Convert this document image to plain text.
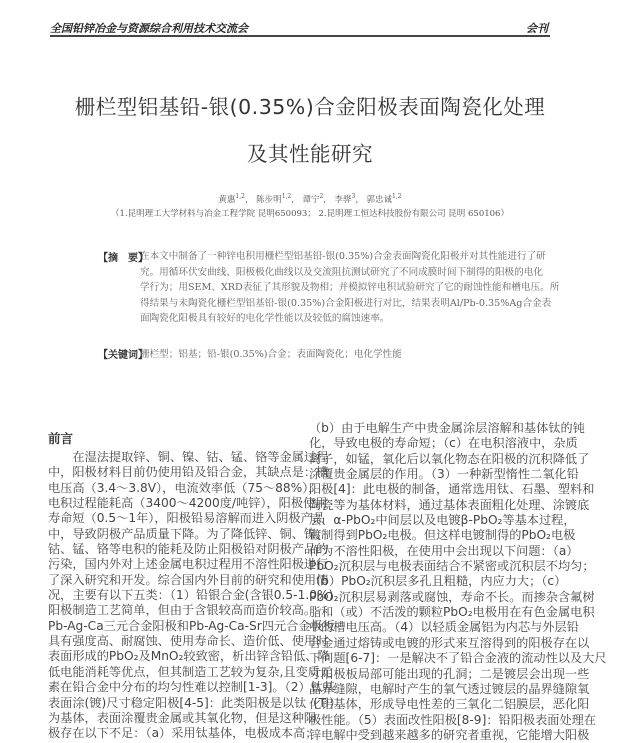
全国铅锌冶金与资源综合利用技术交流会	会刊
栅栏型铝基铅-银(0.35%)合金阳极表面陶瓷化处理
及其性能研究
黄惠$^{1,2}$， 陈步明$^{1,2}$， 谭宁$^2$， 李骅$^3$， 郭忠诚$^{1,2}$
（1.昆明理工大学材料与冶金工程学院 昆明650093； 2.昆明理工恒达科技股份有限公司 昆明 650106）
【摘　要】
在本文中制备了一种锌电积用栅栏型铝基铅-银(0.35%)合金表面陶瓷化阳极并对其性能进行了研
究。用循环伏安曲线、阳极极化曲线以及交流阻抗测试研究了不同成膜时间下制得的阳极的电化
学行为；用SEM、XRD表征了其形貌及物相；并模拟锌电积试验研究了它的耐蚀性能和槽电压。所
得结果与未陶瓷化栅栏型铝基铅-银(0.35%)合金阳极进行对比，结果表明Al/Pb-0.35%Ag合金表
面陶瓷化阳极具有较好的电化学性能以及较低的腐蚀速率。
【关键词】
栅栏型；铝基；铅-银(0.35%)合金；表面陶瓷化；电化学性能
前言
　　在湿法提取锌、铜、镍、钴、锰、铬等金属过程
中，阳极材料目前仍使用铅及铅合金，其缺点是：槽
电压高（3.4～3.8V），电流效率低（75～88%），
电积过程能耗高（3400～4200度/吨锌），阳极使用
寿命短（0.5～1年），阳极铅易溶解而进入阴极产品
中，导致阴极产品质量下降。为了降低锌、铜、镍、
钴、锰、铬等电积的能耗及防止阳极铅对阴极产品的
污染，国内外对上述金属电积过程用不溶性阳极进行
了深入研究和开发。综合国内外目前的研究和使用情
况，主要有以下五类：（1）铅银合金(含银0.5-1.0%)
阳极制造工艺简单，但由于含银较高而造价较高。
Pb-Ag-Ca三元合金阳极和Pb-Ag-Ca-Sr四元合金极板
具有强度高、耐腐蚀、使用寿命长、造价低、使用时
表面形成的PbO₂及MnO₂较致密，析出锌含铅低、降
低电能消耗等优点，但其制造工艺较为复杂,且变质元
素在铅合金中分布的均匀性难以控制[1-3]。（2）钛基
表面涂(镀)尺寸稳定阳极[4-5]：此类阳极是以钛（Ti）
为基体，表面涂覆贵金属或其氧化物，但是这种阳
极存在以下不足：（a）采用钛基体，电极成本高；
（b）由于电解生产中贵金属涂层溶解和基体钛的钝
化，导致电极的寿命短；（c）在电积溶液中，杂质
离子，如锰，氧化后以氧化物态在阳极的沉积降低了
涂覆贵金属层的作用。（3）一种新型惰性二氧化铅
阳极[4]：此电极的制备，通常选用钛、石墨、塑料和
陶瓷等为基体材料，通过基体表面粗化处理、涂镀底
层、α-PbO₂中间层以及电镀β-PbO₂等基本过程，
镀制得到PbO₂电极。但这样电镀制得的PbO₂电极
作为不溶性阳极，在使用中会出现以下问题：（a）
PbO₂沉积层与电极表面结合不紧密或沉积层不均匀；
（b）PbO₂沉积层多孔且粗糙，内应力大；（c）
PbO₂沉积层易剥落或腐蚀，寿命不长。而掺杂含氟树
脂和（或）不活泼的颗粒PbO₂电极用在有色金属电积
中的槽电压高。（4）以轻质金属铝为内芯与外层铅
合金通过熔铸或电镀的形式来互溶得到的阳极存在以
下问题[6-7]：一是解决不了铅合金液的流动性以及大尺
寸阳极板局部可能出现的孔洞；二是镀层会出现一些
晶界缝隙，电解时产生的氧气透过镀层的晶界缝隙氧
化铝基体，形成导电性差的三氧化二铝膜层，恶化阳
极性能。（5）表面改性阳极[8-9]：铅阳极表面处理在
锌电解中受到越来越多的研究者重视，它能增大阳极
